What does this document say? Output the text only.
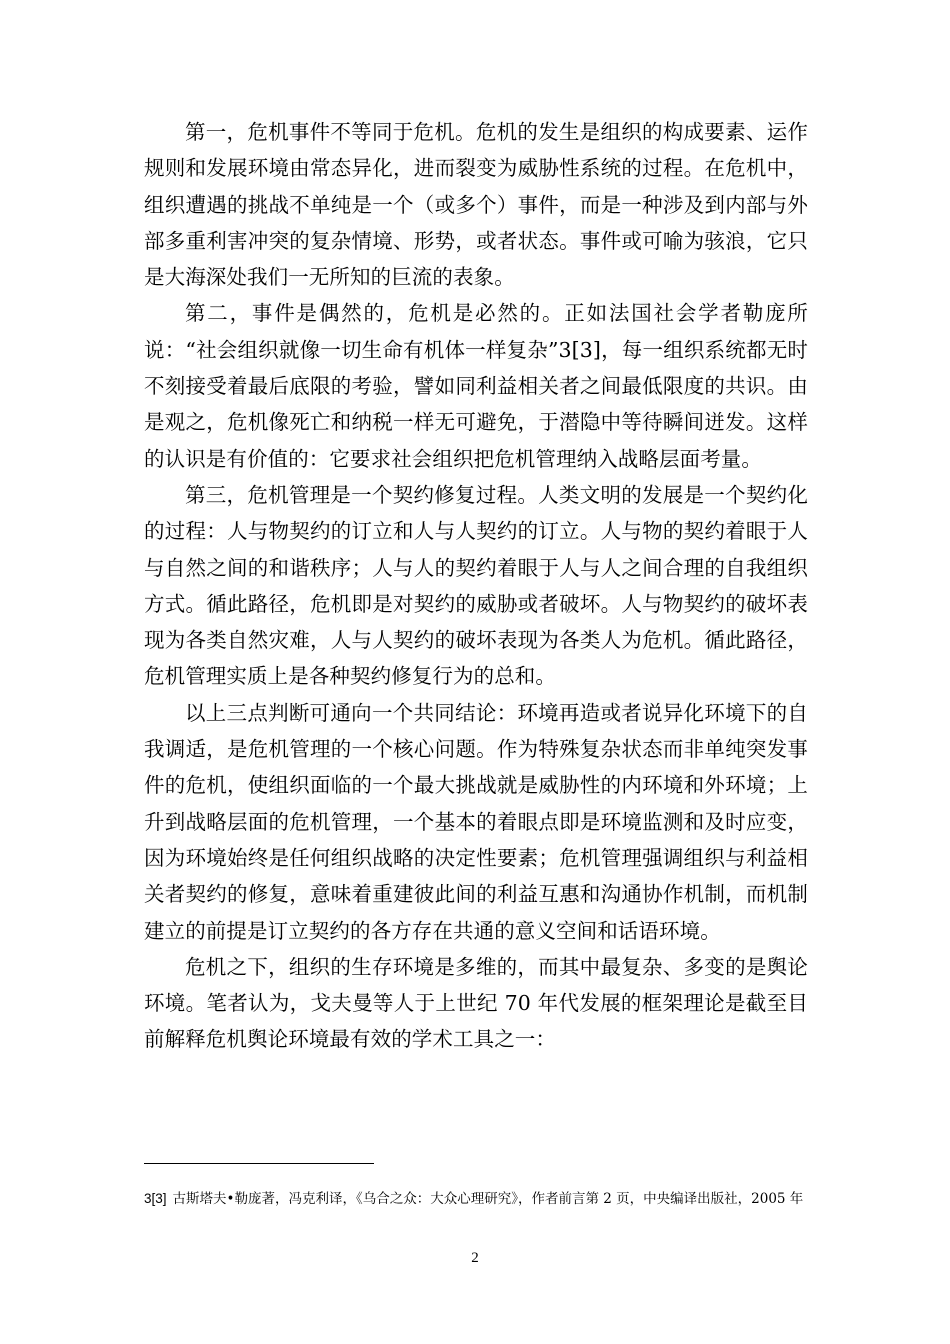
第一，危机事件不等同于危机。危机的发生是组织的构成要素、运作规则和发展环境由常态异化，进而裂变为威胁性系统的过程。在危机中，组织遭遇的挑战不单纯是一个（或多个）事件，而是一种涉及到内部与外部多重利害冲突的复杂情境、形势，或者状态。事件或可喻为骇浪，它只是大海深处我们一无所知的巨流的表象。

第二，事件是偶然的，危机是必然的。正如法国社会学者勒庞所说：“社会组织就像一切生命有机体一样复杂”3[3]，每一组织系统都无时不刻接受着最后底限的考验，譬如同利益相关者之间最低限度的共识。由是观之，危机像死亡和纳税一样无可避免，于潜隐中等待瞬间迸发。这样的认识是有价值的：它要求社会组织把危机管理纳入战略层面考量。

第三，危机管理是一个契约修复过程。人类文明的发展是一个契约化的过程：人与物契约的订立和人与人契约的订立。人与物的契约着眼于人与自然之间的和谐秩序；人与人的契约着眼于人与人之间合理的自我组织方式。循此路径，危机即是对契约的威胁或者破坏。人与物契约的破坏表现为各类自然灾难，人与人契约的破坏表现为各类人为危机。循此路径，危机管理实质上是各种契约修复行为的总和。

以上三点判断可通向一个共同结论：环境再造或者说异化环境下的自我调适，是危机管理的一个核心问题。作为特殊复杂状态而非单纯突发事件的危机，使组织面临的一个最大挑战就是威胁性的内环境和外环境；上升到战略层面的危机管理，一个基本的着眼点即是环境监测和及时应变，因为环境始终是任何组织战略的决定性要素；危机管理强调组织与利益相关者契约的修复，意味着重建彼此间的利益互惠和沟通协作机制，而机制建立的前提是订立契约的各方存在共通的意义空间和话语环境。

危机之下，组织的生存环境是多维的，而其中最复杂、多变的是舆论环境。笔者认为，戈夫曼等人于上世纪 70 年代发展的框架理论是截至目前解释危机舆论环境最有效的学术工具之一：

3[3] 古斯塔夫•勒庞著，冯克利译，《乌合之众：大众心理研究》，作者前言第 2 页，中央编译出版社，2005 年

2
